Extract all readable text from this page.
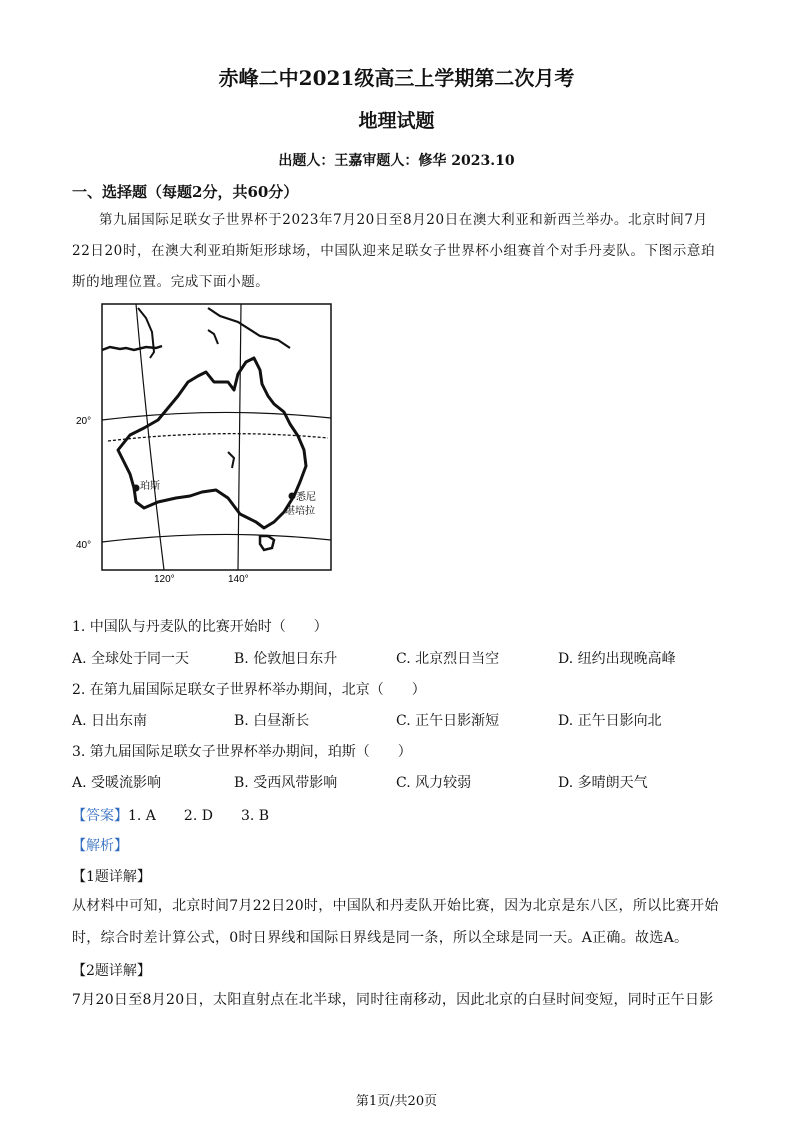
赤峰二中2021级高三上学期第二次月考
地理试题
出题人：王嘉审题人：修华 2023.10
一、选择题（每题2分，共60分）
第九届国际足联女子世界杯于2023年7月20日至8月20日在澳大利亚和新西兰举办。北京时间7月22日20时，在澳大利亚珀斯矩形球场，中国队迎来足联女子世界杯小组赛首个对手丹麦队。下图示意珀斯的地理位置。完成下面小题。
20°
40°
120°	140°
珀斯
悉尼
堪培拉
1. 中国队与丹麦队的比赛开始时（　　）
A. 全球处于同一天	B. 伦敦旭日东升	C. 北京烈日当空	D. 纽约出现晚高峰
2. 在第九届国际足联女子世界杯举办期间，北京（　　）
A. 日出东南	B. 白昼渐长	C. 正午日影渐短	D. 正午日影向北
3. 第九届国际足联女子世界杯举办期间，珀斯（　　）
A. 受暖流影响	B. 受西风带影响	C. 风力较弱	D. 多晴朗天气
【答案】1. A　　2. D　　3. B
【解析】
【1题详解】
从材料中可知，北京时间7月22日20时，中国队和丹麦队开始比赛，因为北京是东八区，所以比赛开始时，综合时差计算公式，0时日界线和国际日界线是同一条，所以全球是同一天。A正确。故选A。
【2题详解】
7月20日至8月20日，太阳直射点在北半球，同时往南移动，因此北京的白昼时间变短，同时正午日影
第1页/共20页
